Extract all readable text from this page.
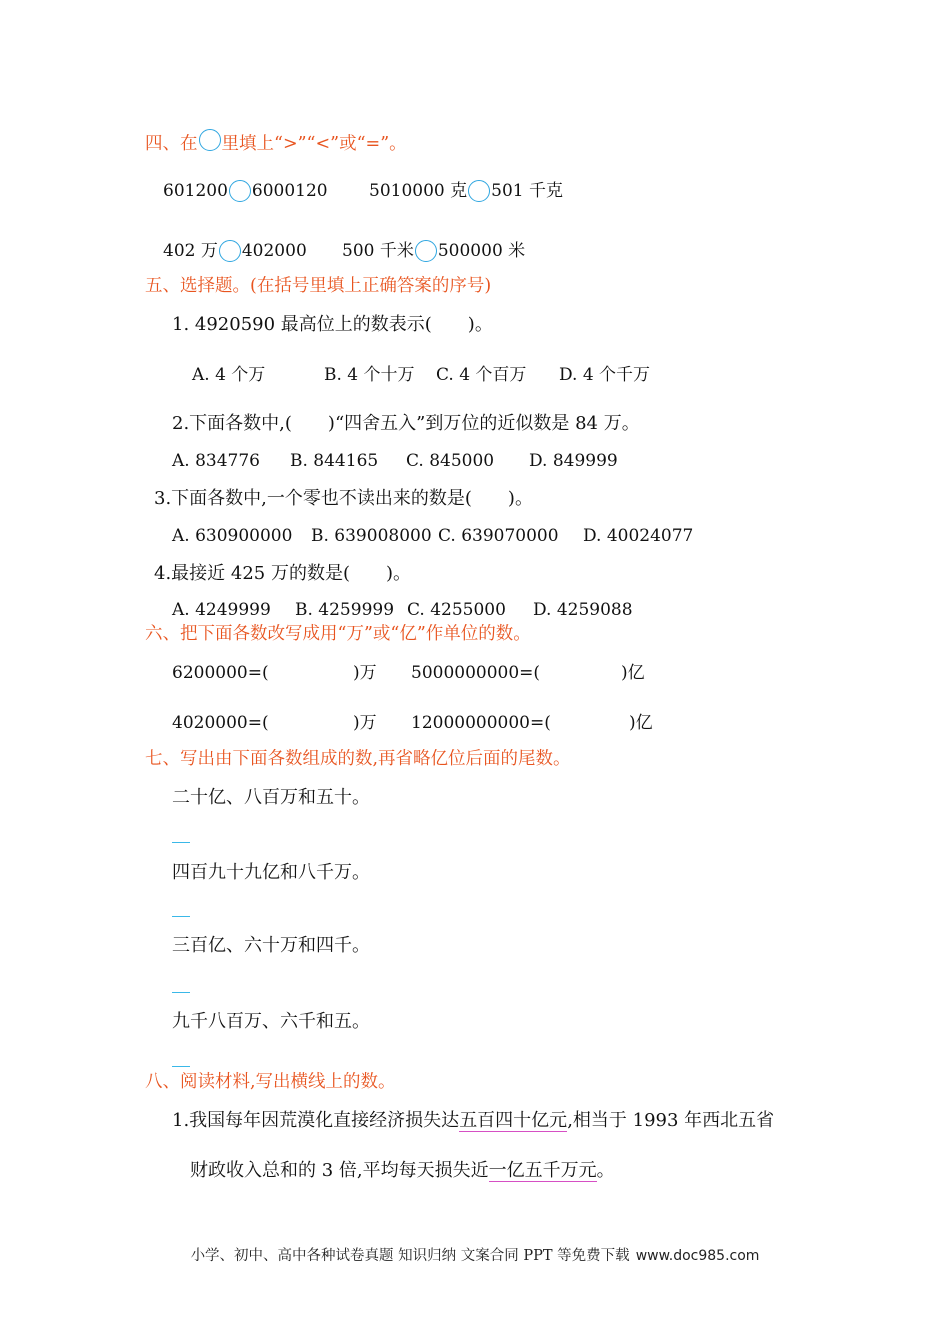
四、在 里填上“>”“<”或“=”。
601200 6000120 5010000 克 501 千克
402 万 402000 500 千米 500000 米
五、选择题。(在括号里填上正确答案的序号)
1. 4920590 最高位上的数表示(　　)。
A. 4 个万	B. 4 个十万 C. 4 个百万 D. 4 个千万
2.下面各数中,(　　)“四舍五入”到万位的近似数是 84 万。
A. 834776 B. 844165 C. 845000 D. 849999
3.下面各数中,一个零也不读出来的数是(　　)。
A. 630900000 B. 639008000 C. 639070000 D. 40024077
4.最接近 425 万的数是(　　)。
A. 4249999 B. 4259999 C. 4255000 D. 4259088
六、把下面各数改写成用“万”或“亿”作单位的数。
6200000=(	)万 5000000000=(	)亿
4020000=(	)万 12000000000=(	)亿
七、写出由下面各数组成的数,再省略亿位后面的尾数。
二十亿、八百万和五十。
四百九十九亿和八千万。
三百亿、六十万和四千。
九千八百万、六千和五。
八、阅读材料,写出横线上的数。
1.我国每年因荒漠化直接经济损失达五百四十亿元,相当于 1993 年西北五省
财政收入总和的 3 倍,平均每天损失近一亿五千万元。
小学、初中、高中各种试卷真题 知识归纳 文案合同 PPT 等免费下载 www.doc985.com
